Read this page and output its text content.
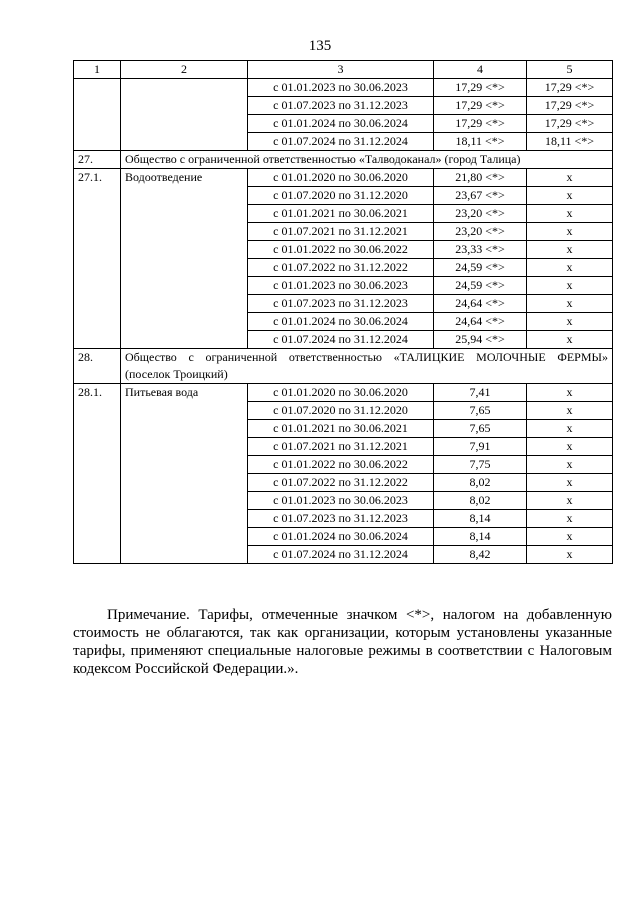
135
1	2	3	4	5
		с 01.01.2023 по 30.06.2023	17,29 <*>	17,29 <*>
		с 01.07.2023 по 31.12.2023	17,29 <*>	17,29 <*>
		с 01.01.2024 по 30.06.2024	17,29 <*>	17,29 <*>
		с 01.07.2024 по 31.12.2024	18,11 <*>	18,11 <*>
27.	Общество с ограниченной ответственностью «Талводоканал» (город Талица)			
27.1.	Водоотведение	с 01.01.2020 по 30.06.2020	21,80 <*>	x
		с 01.07.2020 по 31.12.2020	23,67 <*>	x
		с 01.01.2021 по 30.06.2021	23,20 <*>	x
		с 01.07.2021 по 31.12.2021	23,20 <*>	x
		с 01.01.2022 по 30.06.2022	23,33 <*>	x
		с 01.07.2022 по 31.12.2022	24,59 <*>	x
		с 01.01.2023 по 30.06.2023	24,59 <*>	x
		с 01.07.2023 по 31.12.2023	24,64 <*>	x
		с 01.01.2024 по 30.06.2024	24,64 <*>	x
		с 01.07.2024 по 31.12.2024	25,94 <*>	x
28.	Общество с ограниченной ответственностью «ТАЛИЦКИЕ МОЛОЧНЫЕ ФЕРМЫ»
(поселок Троицкий)			

28.1.	Питьевая вода	с 01.01.2020 по 30.06.2020	7,41	x
		с 01.07.2020 по 31.12.2020	7,65	x
		с 01.01.2021 по 30.06.2021	7,65	x
		с 01.07.2021 по 31.12.2021	7,91	x
		с 01.01.2022 по 30.06.2022	7,75	x
		с 01.07.2022 по 31.12.2022	8,02	x
		с 01.01.2023 по 30.06.2023	8,02	x
		с 01.07.2023 по 31.12.2023	8,14	x
		с 01.01.2024 по 30.06.2024	8,14	x
		с 01.07.2024 по 31.12.2024	8,42	x

Примечание. Тарифы, отмеченные значком <*>, налогом на добавленную стоимость не облагаются, так как организации, которым установлены указанные тарифы, применяют специальные налоговые режимы в соответствии с Налоговым кодексом Российской Федерации.».
